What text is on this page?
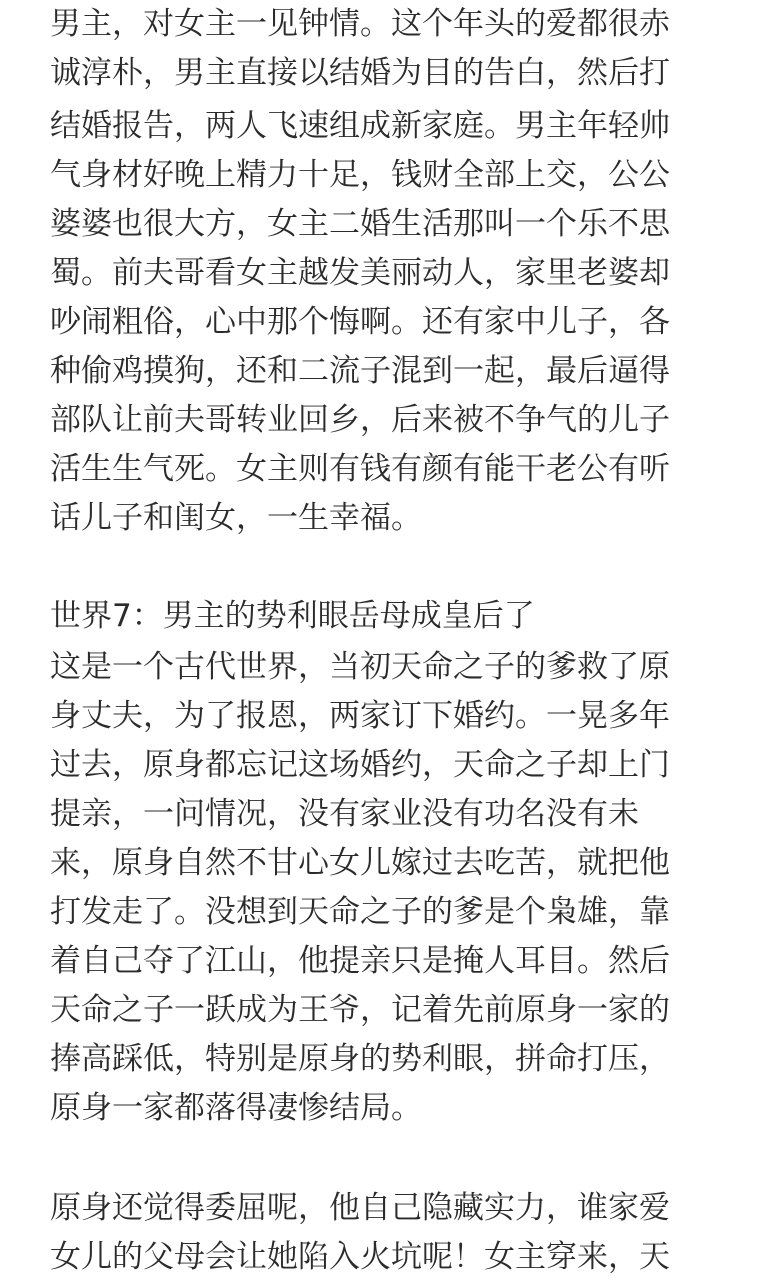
男主，对女主一见钟情。这个年头的爱都很赤
诚淳朴，男主直接以结婚为目的告白，然后打
结婚报告，两人飞速组成新家庭。男主年轻帅
气身材好晚上精力十足，钱财全部上交，公公
婆婆也很大方，女主二婚生活那叫一个乐不思
蜀。前夫哥看女主越发美丽动人，家里老婆却
吵闹粗俗，心中那个悔啊。还有家中儿子，各
种偷鸡摸狗，还和二流子混到一起，最后逼得
部队让前夫哥转业回乡，后来被不争气的儿子
活生生气死。女主则有钱有颜有能干老公有听
话儿子和闺女，一生幸福。
世界7：男主的势利眼岳母成皇后了
这是一个古代世界，当初天命之子的爹救了原
身丈夫，为了报恩，两家订下婚约。一晃多年
过去，原身都忘记这场婚约，天命之子却上门
提亲，一问情况，没有家业没有功名没有未
来，原身自然不甘心女儿嫁过去吃苦，就把他
打发走了。没想到天命之子的爹是个枭雄，靠
着自己夺了江山，他提亲只是掩人耳目。然后
天命之子一跃成为王爷，记着先前原身一家的
捧高踩低，特别是原身的势利眼，拼命打压，
原身一家都落得凄惨结局。
原身还觉得委屈呢，他自己隐藏实力，谁家爱
女儿的父母会让她陷入火坑呢！女主穿来，天
